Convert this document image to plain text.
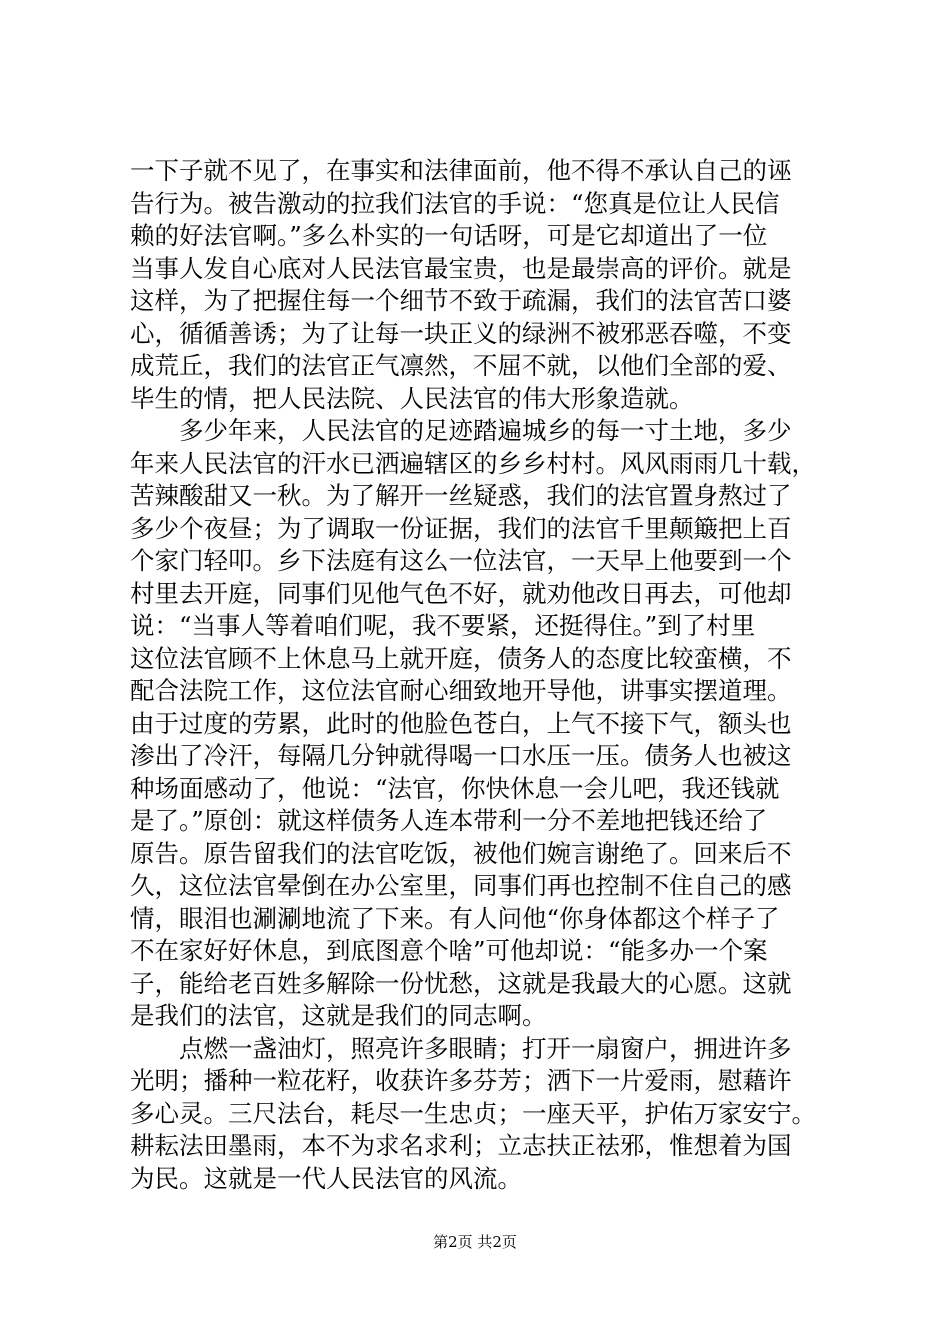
一下子就不见了，在事实和法律面前，他不得不承认自己的诬
告行为。被告激动的拉我们法官的手说：“您真是位让人民信
赖的好法官啊。”多么朴实的一句话呀，可是它却道出了一位
当事人发自心底对人民法官最宝贵，也是最崇高的评价。就是
这样，为了把握住每一个细节不致于疏漏，我们的法官苦口婆
心，循循善诱；为了让每一块正义的绿洲不被邪恶吞噬，不变
成荒丘，我们的法官正气凛然，不屈不就，以他们全部的爱、
毕生的情，把人民法院、人民法官的伟大形象造就。
多少年来，人民法官的足迹踏遍城乡的每一寸土地，多少
年来人民法官的汗水已洒遍辖区的乡乡村村。风风雨雨几十载，
苦辣酸甜又一秋。为了解开一丝疑惑，我们的法官置身熬过了
多少个夜昼；为了调取一份证据，我们的法官千里颠簸把上百
个家门轻叩。乡下法庭有这么一位法官，一天早上他要到一个
村里去开庭，同事们见他气色不好，就劝他改日再去，可他却
说：“当事人等着咱们呢，我不要紧，还挺得住。”到了村里
这位法官顾不上休息马上就开庭，债务人的态度比较蛮横，不
配合法院工作，这位法官耐心细致地开导他，讲事实摆道理。
由于过度的劳累，此时的他脸色苍白，上气不接下气，额头也
渗出了冷汗，每隔几分钟就得喝一口水压一压。债务人也被这
种场面感动了，他说：“法官，你快休息一会儿吧，我还钱就
是了。”原创：就这样债务人连本带利一分不差地把钱还给了
原告。原告留我们的法官吃饭，被他们婉言谢绝了。回来后不
久，这位法官晕倒在办公室里，同事们再也控制不住自己的感
情，眼泪也涮涮地流了下来。有人问他“你身体都这个样子了
不在家好好休息，到底图意个啥”可他却说：“能多办一个案
子，能给老百姓多解除一份忧愁，这就是我最大的心愿。这就
是我们的法官，这就是我们的同志啊。
点燃一盏油灯，照亮许多眼睛；打开一扇窗户，拥进许多
光明；播种一粒花籽，收获许多芬芳；洒下一片爱雨，慰藉许
多心灵。三尺法台，耗尽一生忠贞；一座天平，护佑万家安宁。
耕耘法田墨雨，本不为求名求利；立志扶正祛邪，惟想着为国
为民。这就是一代人民法官的风流。
第2页 共2页
